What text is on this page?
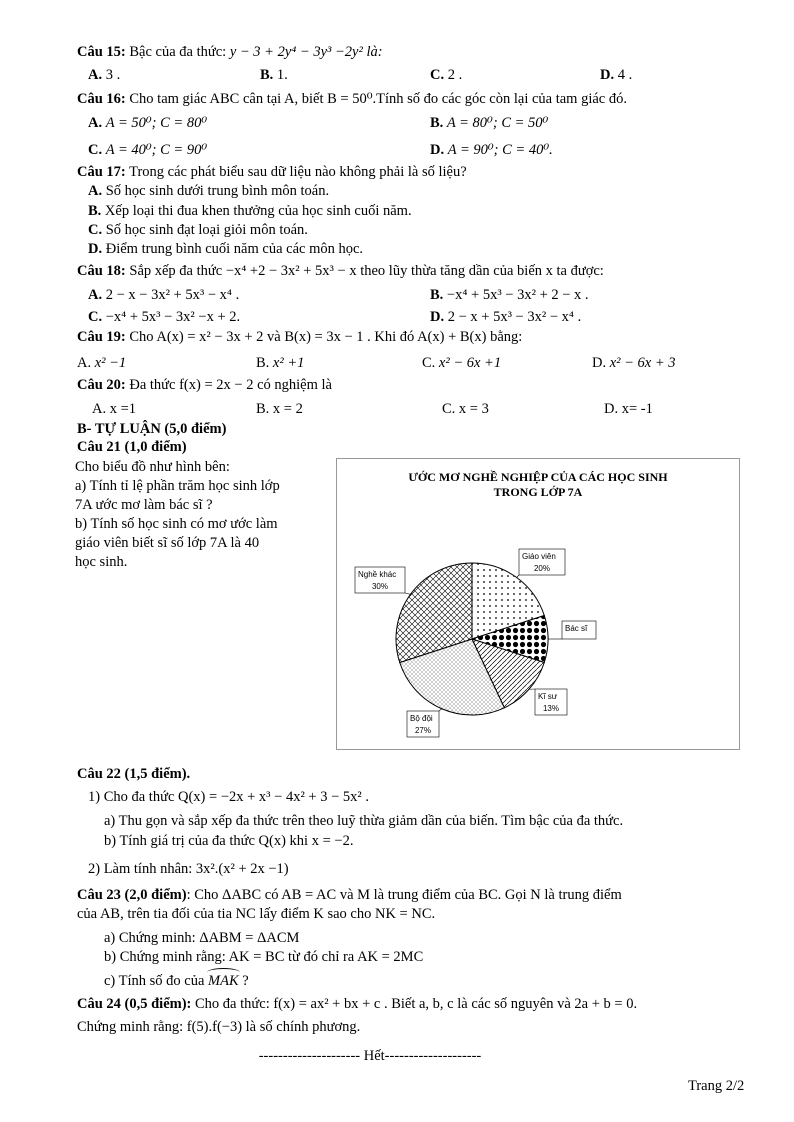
Câu 15: Bậc của đa thức: y − 3 + 2y⁴ − 3y³ −2y² là:
A. 3 .	B. 1.	C. 2 .	D. 4 .
Câu 16: Cho tam giác ABC cân tại A, biết B = 50⁰.Tính số đo các góc còn lại của tam giác đó.
A. A = 50⁰; C = 80⁰	B. A = 80⁰; C = 50⁰
C. A = 40⁰; C = 90⁰	D. A = 90⁰; C = 40⁰.
Câu 17: Trong các phát biểu sau dữ liệu nào không phải là số liệu?
A. Số học sinh dưới trung bình môn toán.
B. Xếp loại thi đua khen thưởng của học sinh cuối năm.
C. Số học sinh đạt loại giỏi môn toán.
D. Điểm trung bình cuối năm của các môn học.
Câu 18: Sắp xếp đa thức −x⁴ +2 − 3x² + 5x³ − x theo lũy thừa tăng dần của biến x ta được:
A. 2 − x − 3x² + 5x³ − x⁴ .	B. −x⁴ + 5x³ − 3x² + 2 − x .
C. −x⁴ + 5x³ − 3x² −x + 2.	D. 2 − x + 5x³ − 3x² − x⁴ .
Câu 19: Cho A(x) = x² − 3x + 2 và B(x) = 3x − 1 . Khi đó A(x) + B(x) bằng:
A. x² −1	B. x² +1	C. x² − 6x +1	D. x² − 6x + 3
Câu 20: Đa thức f(x) = 2x − 2 có nghiệm là
A. x =1	B. x = 2	C. x = 3	D. x= -1
B- TỰ LUẬN (5,0 điểm)
Câu 21 (1,0 điểm)
Cho biểu đồ như hình bên:
a) Tính tỉ lệ phần trăm học sinh lớp
7A ước mơ làm bác sĩ ?
b) Tính số học sinh có mơ ước làm
giáo viên biết sĩ số lớp 7A là 40
học sinh.
ƯỚC MƠ NGHỀ NGHIỆP CỦA CÁC HỌC SINH
TRONG LỚP 7A
Giáo viên
20%
Bác sĩ
Kĩ sư
13%
Bộ đội
27%
Nghề khác
30%
Câu 22 (1,5 điểm).
1) Cho đa thức Q(x) = −2x + x³ − 4x² + 3 − 5x² .
a) Thu gọn và sắp xếp đa thức trên theo luỹ thừa giảm dần của biến. Tìm bậc của đa thức.
b) Tính giá trị của đa thức Q(x) khi x = −2.
2) Làm tính nhân: 3x².(x² + 2x −1)
Câu 23 (2,0 điểm): Cho ΔABC có AB = AC và M là trung điểm của BC. Gọi N là trung điểm
của AB, trên tia đối của tia NC lấy điểm K sao cho NK = NC.
a) Chứng minh: ΔABM = ΔACM
b) Chứng minh rằng: AK = BC từ đó chỉ ra AK = 2MC
c) Tính số đo của MAK ?
Câu 24 (0,5 điểm): Cho đa thức: f(x) = ax² + bx + c . Biết a, b, c là các số nguyên và 2a + b = 0.
Chứng minh rằng: f(5).f(−3) là số chính phương.
--------------------- Hết--------------------
Trang 2/2
